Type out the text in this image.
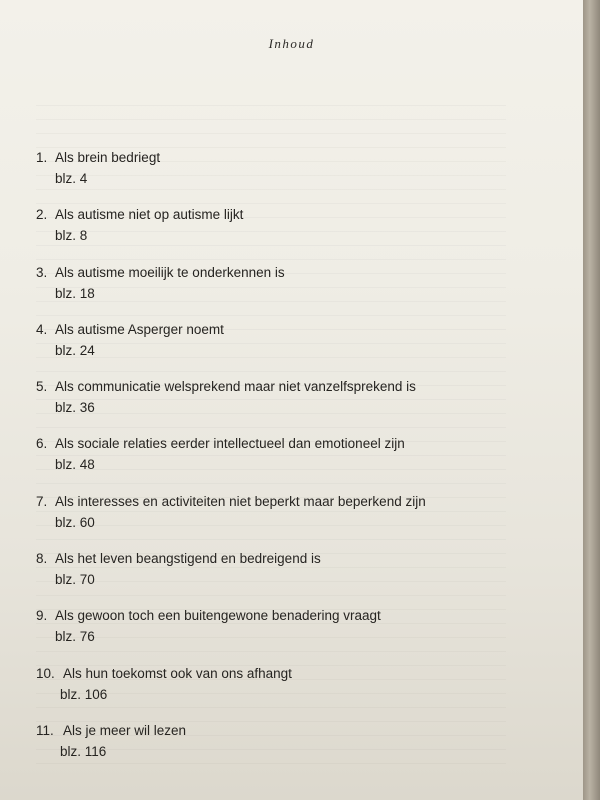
Inhoud
1. Als brein bedriegt
blz. 4
2. Als autisme niet op autisme lijkt
blz. 8
3. Als autisme moeilijk te onderkennen is
blz. 18
4. Als autisme Asperger noemt
blz. 24
5. Als communicatie welsprekend maar niet vanzelfsprekend is
blz. 36
6. Als sociale relaties eerder intellectueel dan emotioneel zijn
blz. 48
7. Als interesses en activiteiten niet beperkt maar beperkend zijn
blz. 60
8. Als het leven beangstigend en bedreigend is
blz. 70
9. Als gewoon toch een buitengewone benadering vraagt
blz. 76
10. Als hun toekomst ook van ons afhangt
blz. 106
11. Als je meer wil lezen
blz. 116
